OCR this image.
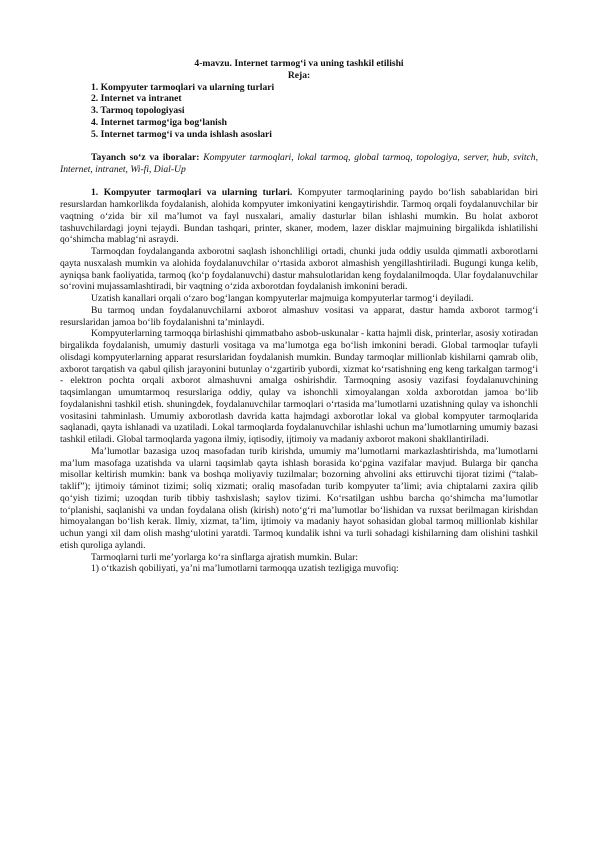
4-mavzu. Internet tarmog‘i va uning tashkil etilishi
Reja:
1. Kompyuter tarmoqlari va ularning turlari
2. Internet va intranet
3. Tarmoq topologiyasi
4. Internet tarmog‘iga bog‘lanish
5. Internet tarmog‘i va unda ishlash asoslari

Tayanch so‘z va iboralar: Kompyuter tarmoqlari, lokal tarmoq, global tarmoq, topologiya, server, hub, svitch, Internet, intranet, Wi-fi, Dial-Up

1. Kompyuter tarmoqlari va ularning turlari. Kompyuter tarmoqlarining paydo bo‘lish sabablaridan biri resurslardan hamkorlikda foydalanish, alohida kompyuter imkoniyatini kengaytirishdir. Tarmoq orqali foydalanuvchilar bir vaqtning o‘zida bir xil ma’lumot va fayl nusxalari, amaliy dasturlar bilan ishlashi mumkin. Bu holat axborot tashuvchilardagi joyni tejaydi. Bundan tashqari, printer, skaner, modem, lazer disklar majmuining birgalikda ishlatilishi qo‘shimcha mablag‘ni asraydi.

Tarmoqdan foydalanganda axborotni saqlash ishonchliligi ortadi, chunki juda oddiy usulda qimmatli axborotlarni qayta nusxalash mumkin va alohida foydalanuvchilar o‘rtasida axborot almashish yengillashtiriladi. Bugungi kunga kelib, ayniqsa bank faoliyatida, tarmoq (ko‘p foydalanuvchi) dastur mahsulotlaridan keng foydalanilmoqda. Ular foydalanuvchilar so‘rovini mujassamlashtiradi, bir vaqtning o‘zida axborotdan foydalanish imkonini beradi.

Uzatish kanallari orqali o‘zaro bog‘langan kompyuterlar majmuiga kompyuterlar tarmog‘i deyiladi.

Bu tarmoq undan foydalanuvchilarni axborot almashuv vositasi va apparat, dastur hamda axborot tarmog‘i resurslaridan jamoa bo‘lib foydalanishni ta’minlaydi.

Kompyuterlarning tarmoqqa birlashishi qimmatbaho asbob-uskunalar - katta hajmli disk, printerlar, asosiy xotiradan birgalikda foydalanish, umumiy dasturli vositaga va ma’lumotga ega bo‘lish imkonini beradi. Global tarmoqlar tufayli olisdagi kompyuterlarning apparat resurslaridan foydalanish mumkin. Bunday tarmoqlar millionlab kishilarni qamrab olib, axborot tarqatish va qabul qilish jarayonini butunlay o‘zgartirib yubordi, xizmat ko‘rsatishning eng keng tarkalgan tarmog‘i - elektron pochta orqali axborot almashuvni amalga oshirishdir. Tarmoqning asosiy vazifasi foydalanuvchining taqsimlangan umumtarmoq resurslariga oddiy, qulay va ishonchli ximoyalangan xolda axborotdan jamoa bo‘lib foydalanishni tashkil etish. shuningdek, foydalanuvchilar tarmoqlari o‘rtasida ma’lumotlarni uzatishning qulay va ishonchli vositasini tahminlash. Umumiy axborotlash davrida katta hajmdagi axborotlar lokal va global kompyuter tarmoqlarida saqlanadi, qayta ishlanadi va uzatiladi. Lokal tarmoqlarda foydalanuvchilar ishlashi uchun ma’lumotlarning umumiy bazasi tashkil etiladi. Global tarmoqlarda yagona ilmiy, iqtisodiy, ijtimoiy va madaniy axborot makoni shakllantiriladi.

Ma’lumotlar bazasiga uzoq masofadan turib kirishda, umumiy ma’lumotlarni markazlashtirishda, ma’lumotlarni ma’lum masofaga uzatishda va ularni taqsimlab qayta ishlash borasida ko‘pgina vazifalar mavjud. Bularga bir qancha misollar keltirish mumkin: bank va boshqa moliyaviy tuzilmalar; bozorning ahvolini aks ettiruvchi tijorat tizimi (“talab-taklif”); ijtimoiy táminot tizimi; soliq xizmati; oraliq masofadan turib kompyuter ta’limi; avia chiptalarni zaxira qilib qo‘yish tizimi; uzoqdan turib tibbiy tashxislash; saylov tizimi. Ko‘rsatilgan ushbu barcha qo‘shimcha ma’lumotlar to‘planishi, saqlanishi va undan foydalana olish (kirish) noto‘g‘ri ma’lumotlar bo‘lishidan va ruxsat berilmagan kirishdan himoyalangan bo‘lish kerak. Ilmiy, xizmat, ta’lim, ijtimoiy va madaniy hayot sohasidan global tarmoq millionlab kishilar uchun yangi xil dam olish mashg‘ulotini yaratdi. Tarmoq kundalik ishni va turli sohadagi kishilarning dam olishini tashkil etish quroliga aylandi.

Tarmoqlarni turli me’yorlarga ko‘ra sinflarga ajratish mumkin. Bular:

1) o‘tkazish qobiliyati, ya’ni ma’lumotlarni tarmoqqa uzatish tezligiga muvofiq:
